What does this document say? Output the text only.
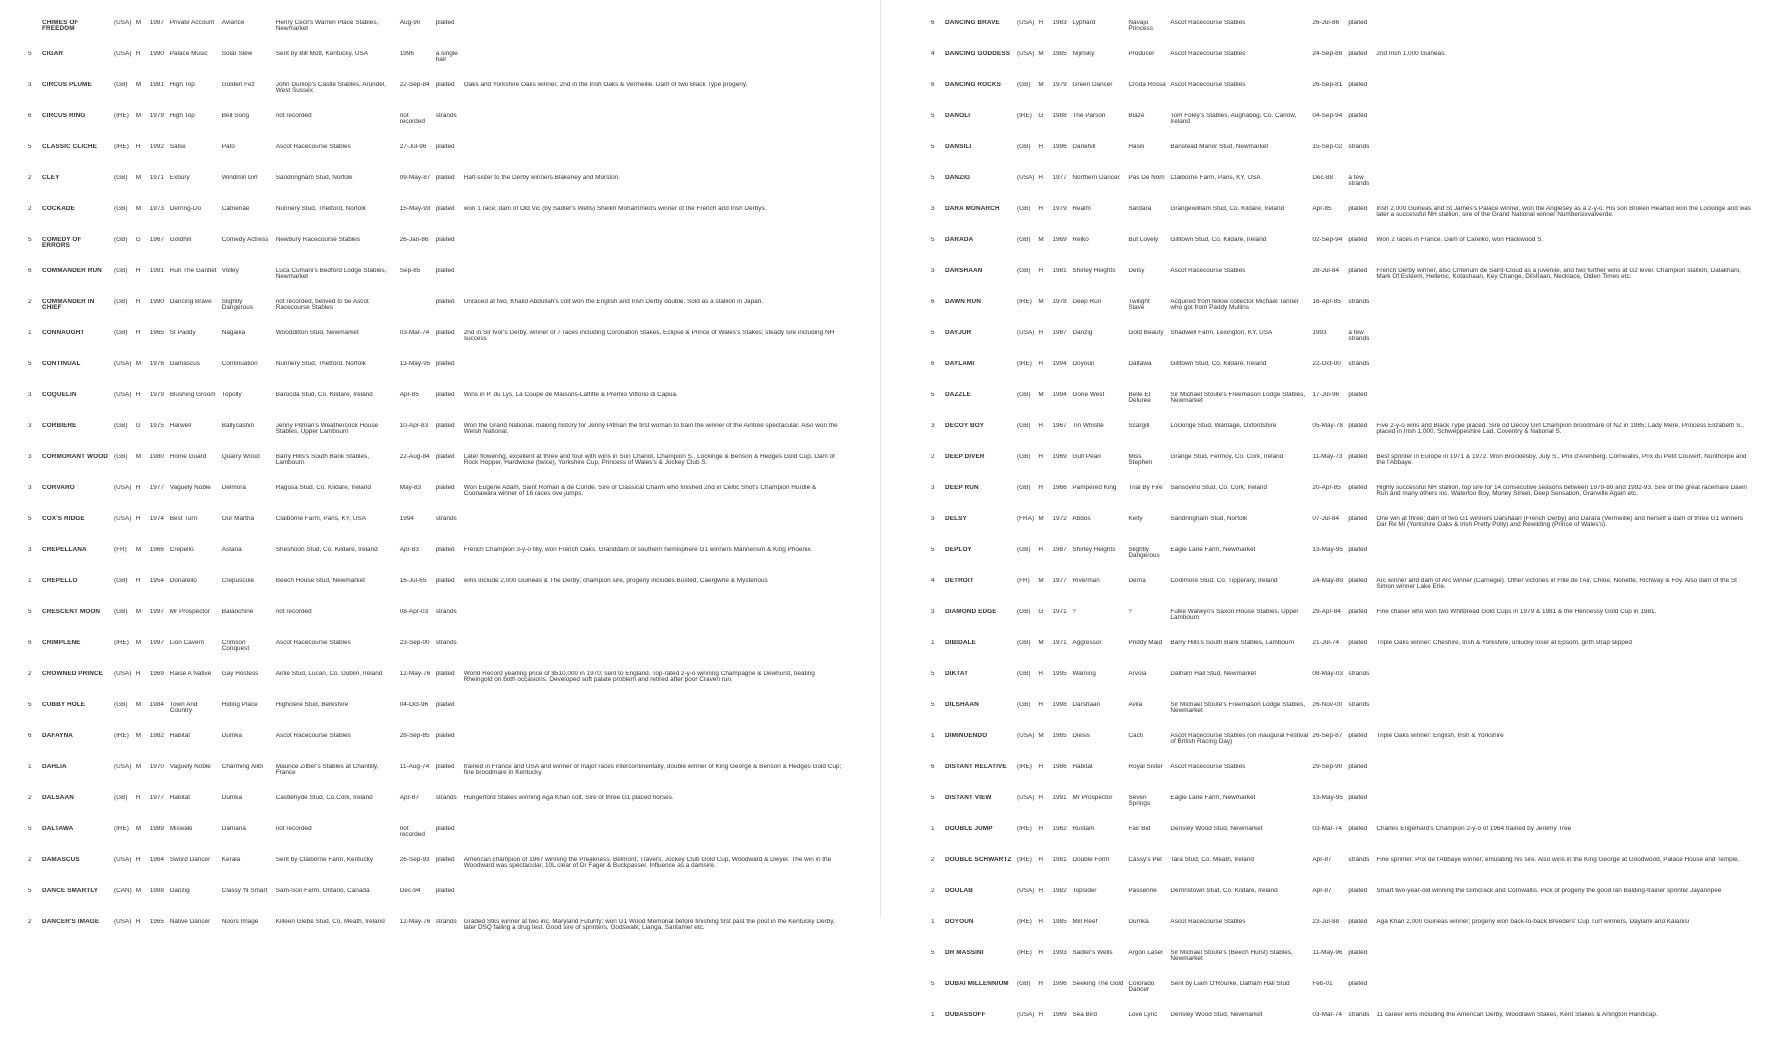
	CHIMES OF FREEDOM	(USA)	M	1987	Private Account	Aviance	Henry Cecil's Warren Place Stables, Newmarket	Aug-90	plaited	
5	CIGAR	(USA)	H	1990	Palace Music	Solar Slew	Sent by Bill Mott, Kentucky, USA	1996	a single hair	
3	CIRCUS PLUME	(GB)	M	1981	High Top	Golden Fez	John Dunlop's Castle Stables, Arundel, West Sussex	22-Sep-84	plaited	Oaks and Yorkshire Oaks winner, 2nd in the Irish Oaks & Vermeille. Dam of two Black Type progeny.
6	CIRCUS RING	(IRE)	M	1979	High Top	Bell Song	not recorded	not recorded	strands	
5	CLASSIC CLICHÉ	(IRE)	H	1992	Salse	Pato	Ascot Racecourse Stables	27-Jul-96	plaited	
2	CLEY	(GB)	M	1971	Exbury	Windmill Girl	Sandringham Stud, Norfolk	09-May-87	plaited	Half-sister to the Derby winners Blakeney and Morston.
2	COCKADE	(GB)	M	1973	Derring-Do	Camenae	Nunnery Stud, Thetford, Norfolk	15-May-93	plaited	won 1 race; dam of Old Vic (by Sadler's Wells) Sheikh Mohammed's winner of the French and Irish Derbys.
5	COMEDY OF ERRORS	(GB)	G	1967	Goldhill	Comedy Actress	Newbury Racecourse Stables	26-Jan-86	plaited	
6	COMMANDER RUN	(GB)	H	1981	Run The Gantlet	Volley	Luca Cumani's Bedford Lodge Stables, Newmarket	Sep-85	plaited	
2	COMMANDER IN CHIEF	(GB)	H	1990	Dancing Brave	Slightly Dangerous	not recorded, belived to be Ascot Racecourse Stables		plaited	Unraced at two, Khalid Abdullah's colt won the English and Irish Derby double. Sold as a stallion in Japan.
1	CONNAUGHT	(GB)	H	1965	St Paddy	Nagaika	Woodditton Stud, Newmarket	03-Mar-74	plaited	2nd in Sir Ivor's Derby, winner of 7 races including Coronation Stakes, Eclipse & Prince of Wales's Stakes; steady sire including NH success
5	CONTINUAL	(USA)	M	1976	Damascus	Continuation	Nunnery Stud, Thetford, Norfolk	13-May-95	plaited	
3	COQUELIN	(USA)	H	1979	Blushing Groom	Topolly	Barocda Stud, Co. Kildare, Ireland	Apr-85	plaited	Wins in P. du Lys, La Coupe de Maisons-Laffitte & Premio Vittorio di Capua.
3	CORBIERE	(GB)	G	1975	Harwell	Ballycashin	Jenny Pitman's Weathercock House Stables, Upper Lambourn	10-Apr-83	plaited	Won the Grand National, making history for Jenny Pitman the first woman to train the winner of the Aintree spectacular. Also won the Welsh National.
3	CORMORANT WOOD	(GB)	M	1980	Home Guard	Quarry Wood	Barry Hills's South Bank Stables, Lambourn	22-Aug-84	plaited	Later flowering, excellent at three and four with wins in Sun Chariot, Champion S., Lockinge & Benson & Hedges Gold Cup. Dam of Rock Hopper, Hardwicke (twice), Yorkshire Cup, Princess of Wales's & Jockey Club S.
3	CORVARO	(USA)	H	1977	Vaguely Noble	Delmora	Ragusa Stud, Co. Kildare, Ireland	May-83	plaited	Won Eugene Adam, Saint Roman & de Conde. Sire of Classical Charm who finished 2nd in Celtic Shot's Champion Hurdle & Coonawara winner of 16 races ove jumps.
5	COX'S RIDGE	(USA)	H	1974	Best Turn	Our Martha	Claiborne Farm, Paris, KY, USA	1994	strands	
3	CREPELLANA	(FR)	M	1966	Crepello	Astana	Sheshoon Stud, Co. Kildare, Ireland	Apr-83	plaited	French Champion 3-y-o filly, won French Oaks. Granddam of southern hemisphere G1 winners Mannerism & King Phoenix.
1	CREPELLO	(GB)	H	1954	Donatello	Crepuscule	Beech House Stud, Newmarket	16-Jul-65	plaited	wins include 2,000 Guineas & The Derby; champion sire, progeny includes Busted, Caergwrle & Mysterious
5	CRESCENT MOON	(GB)	M	1997	Mr Prospector	Balanchine	not recorded	08-Apr-03	strands	
6	CRIMPLENE	(IRE)	M	1997	Lion Cavern	Crimson Conquest	Ascot Racecourse Stables	23-Sep-00	strands	
2	CROWNED PRINCE	(USA)	H	1969	Raise A Native	Gay Hostess	Airlie Stud, Lucan, Co. Dublin, Ireland	12-May-76	plaited	World Record yearling price of $510,000 in 1970; sent to England. Top-rated 2-y-o winning Champagne & Dewhurst, beating Rheingold on both occasions. Developed soft palate problem and retired after poor Craven run.
5	CUBBY HOLE	(GB)	M	1984	Town And Country	Hiding Place	Highclere Stud, Berkshire	04-Oct-96	plaited	
6	DAFAYNA	(IRE)	M	1982	Habitat	Dumka	Ascot Racecourse Stables	28-Sep-85	plaited	
1	DAHLIA	(USA)	M	1970	Vaguely Noble	Charming Alibi	Maurice Zilber's Stables at Chantilly, France	11-Aug-74	plaited	trained in France and USA and winner of major races intercontinentally, double winner of King George & Benson & Hedges Gold Cup; fine broodmare in Kentucky
2	DALSAAN	(GB)	H	1977	Habitat	Dumka	Castlehyde Stud, Co.Cork, Ireland	Apr-87	strands	Hungerford Stakes winning Aga Khan colt. Sire of three G1 placed horses.
5	DALTAWA	(IRE)	M	1989	Miswaki	Damana	not recorded	not recorded	plaited	
2	DAMASCUS	(USA)	H	1964	Sword Dancer	Kerala	Sent by Claiborne Farm, Kentucky	26-Sep-93	plaited	American champion of 1967 winning the Preakness, Belmont, Travers, Jockey Club Gold Cup, Woodward & Dwyer. The win in the Woodward was spectacular, 10L clear of Dr Fager & Buckpasser. Influence as a damsire.
5	DANCE SMARTLY	(CAN)	M	1988	Danzig	Classy 'N Smart	Sam-Son Farm, Ontario, Canada	Dec-94	plaited	
2	DANCER'S IMAGE	(USA)	H	1965	Native Dancer	Noors Image	Killeen Glebe Stud, Co. Meath, Ireland	12-May-76	strands	Graded Stks winner at two inc. Maryland Futurity; won G1 Wood Memorial before finishing first past the post in the Kentucky Derby, later DSQ failing a drug test. Good sire of sprinters, Godswalk, Lianga, Saritamer etc.
6	DANCING BRAVE	(USA)	H	1983	Lyphard	Navajo Princess	Ascot Racecourse Stables	26-Jul-86	plaited	
4	DANCING GODDESS	(USA)	M	1985	Nijinsky	Producer	Ascot Racecourse Stables	24-Sep-88	plaited	2nd Irish 1,000 Guineas.
6	DANCING ROCKS	(GB)	M	1979	Green Dancer	Croda Rossa	Ascot Racecourse Stables	26-Sep-81	plaited	
5	DANOLI	(IRE)	G	1988	The Parson	Blaze	Tom Foley's Stables, Aughabog, Co. Carlow, Ireland	04-Sep-94	plaited	
5	DANSILI	(GB)	H	1996	Danehill	Hasili	Banstead Manor Stud, Newmarket	15-Sep-02	strands	
5	DANZIG	(USA)	H	1977	Northern Dancer	Pas De Nom	Claiborne Farm, Paris, KY, USA	Dec-88	a few strands	
3	DARA MONARCH	(GB)	H	1979	Realm	Sardara	Grangewilliam Stud, Co. Kildare, Ireland	Apr-85	plaited	Irish 2,000 Guineas and St James's Palace winner, won the Anglesey as a 2-y-o. His son Broken Hearted won the Lockinge and was later a successful NH stallion, sire of the Grand National winner Numbersixvalverde.
5	DARADA	(GB)	M	1969	Relko	But Lovely	Gilltown Stud, Co. Kildare, Ireland	02-Sep-94	plaited	Won 2 races in France. Dam of Carelko, won Hackwood S.
3	DARSHAAN	(GB)	H	1981	Shirley Heights	Delsy	Ascot Racecourse Stables	28-Jul-84	plaited	French Derby winner, also Criterium de Saint-Cloud as a juvenile, and two further wins at G2 level. Champion stallion, Dalakhani, Mark Of Esteem, Hellenic, Kotashaan, Key Change, Dilshaan, Necklace, Olden Times etc.
6	DAWN RUN	(IRE)	M	1978	Deep Run	Twilight Slave	Acquired from fellow collector Michael Tanner who got from Paddy Mullins	16-Apr-85	strands	
5	DAYJUR	(USA)	H	1987	Danzig	Gold Beauty	Shadwell Farm, Lexington, KY, USA	1993	a few strands	
6	DAYLAMI	(IRE)	H	1994	Doyoun	Daltawa	Gilltown Stud, Co. Kildare, Ireland	22-Oct-00	strands	
5	DAZZLE	(GB)	M	1994	Gone West	Belle Et Deluree	Sir Michael Stoute's Freemason Lodge Stables, Newmarket	17-Jul-96	plaited	
3	DECOY BOY	(GB)	H	1967	Tin Whistle	Scargill	Lockinge Stud, Wantage, Oxfordshire	05-May-78	plaited	Five 2-y-o wins and Black Type placed. Sire od Decoy Girl Champion broodmare of NZ in 1985; Lady Mere, Princess Elizabeth S., placed in Irish 1,000, Schweppeshire Lad, Coventry & National S.
2	DEEP DIVER	(GB)	H	1969	Gulf Pearl	Miss Stephen	Grange Stud, Fermoy, Co. Cork, Ireland	11-May-73	plaited	Best sprinter in Europe in 1971 & 1972. Won Brocklesby, July S., Prix d'Arenberg, Cornwallis, Prix du Petit Couvert, Nunthorpe and the l'Abbaye.
3	DEEP RUN	(GB)	H	1966	Pampered King	Trial By Fire	Sansovino Stud, Co. Cork, Ireland	20-Apr-85	plaited	Highly successful NH stallion, top sire for 14 consecutive seasons between 1979-80 and 1992-93. Sire of the great racemare Dawn Run and many others inc. Waterloo Boy, Morley Street, Deep Sensation, Granville Again etc.
3	DELSY	(FRA)	M	1972	Abdos	Kelty	Sandringham Stud, Norfolk	07-Jul-84	plaited	One win at three; dam of two G1 winners Darshaan (French Derby) and Darara (Vermeille) and herself a dam of three G1 winners Dar Re Mi (Yorkshire Oaks & Irish Pretty Polly) and Rewilding (Prince of Wales's).
5	DEPLOY	(GB)	H	1987	Shirley Heights	Slightly Dangerous	Eagle Lane Farm, Newmarket	13-May-95	plaited	
4	DETROIT	(FR)	M	1977	Riverman	Derna	Coolmore Stud, Co. Tipperary, Ireland	24-May-89	plaited	Arc winner and dam of Arc winner (Carnegie). Other victories in Fille de l'Air, Chloe, Nonette, Richway & Foy. Also dam of the St Simon winner Lake Erie.
3	DIAMOND EDGE	(GB)	G	1971	?	?	Fulke Walwyn's Saxon House Stables, Upper Lambourn	29-Apr-84	plaited	Fine chaser who won two Whitbread Gold Cups in 1979 & 1981 & the Hennessy Gold Cup in 1981.
1	DIBIDALE	(GB)	M	1971	Aggressor	Priddy Maid	Barry Hills's South Bank Stables, Lambourn	21-Jul-74	plaited	Triple Oaks winner: Cheshire, Irish & Yorkshire, unlucky loser at Epsom, girth strap slipped
5	DIKTAT	(GB)	H	1995	Warning	Arvola	Dalham Hall Stud, Newmarket	08-May-03	strands	
5	DILSHAAN	(GB)	H	1998	Darshaan	Avila	Sir Michael Stoute's Freemason Lodge Stables, Newmarket	26-Nov-00	strands	
1	DIMINUENDO	(USA)	M	1985	Diesis	Cacti	Ascot Racecourse Stables (on inaugural Festival of British Racing Day)	26-Sep-87	plaited	Triple Oaks winner: English, Irish & Yorkshire
6	DISTANT RELATIVE	(IRE)	H	1986	Habitat	Royal Sister	Ascot Racecourse Stables	29-Sep-90	plaited	
5	DISTANT VIEW	(USA)	H	1991	Mr Prospector	Seven Springs	Eagle Lane Farm, Newmarket	13-May-95	plaited	
1	DOUBLE JUMP	(IRE)	H	1962	Rustam	Fair Bid	Derisley Wood Stud, Newmarket	03-Mar-74	plaited	Charles Engelhard's Champion 2-y-o of 1964 trained by Jeremy Tree
2	DOUBLE SCHWARTZ	(IRE)	H	1981	Double Form	Cassy's Pet	Tara Stud, Co. Meath, Ireland	Apr-87	strands	Fine sprinter. Prix de l'Abbaye winner, emulating his sire. Also wins in the King George at Goodwood, Palace House and Temple.
2	DOULAB	(USA)	H	1982	Topsider	Passerine	Derrinstown Stud, Co. Kildare, Ireland	Apr-87	plaited	Smart two-year-old winning the Gimcrack and Cornwallis. Pick of progeny the good Ian Balding-trainer sprinter Jayannpee
1	DOYOUN	(IRE)	H	1985	Mill Reef	Dumka	Ascot Racecourse Stables	23-Jul-88	plaited	Aga Khan 2,000 Guineas winner; progeny won back-to-back Breeders' Cup Turf winners, Daylami and Kalanisi
5	DR MASSINI	(IRE)	H	1993	Sadler's Wells	Argon Laser	Sir Michael Stoute's (Beech Hurst) Stables, Newmarket	11-May-96	plaited	
5	DUBAI MILLENNIUM	(GB)	H	1996	Seeking The Gold	Colorado Dancer	Sent by Liam O'Rourke, Dalham Hall Stud	Feb-01	plaited	
1	DUBASSOFF	(USA)	H	1969	Sea Bird	Love Lyric	Derisley Wood Stud, Newmarket	03-Mar-74	strands	11 career wins including the American Derby, Woodlawn Stakes, Kent Stakes & Arlington Handicap.
